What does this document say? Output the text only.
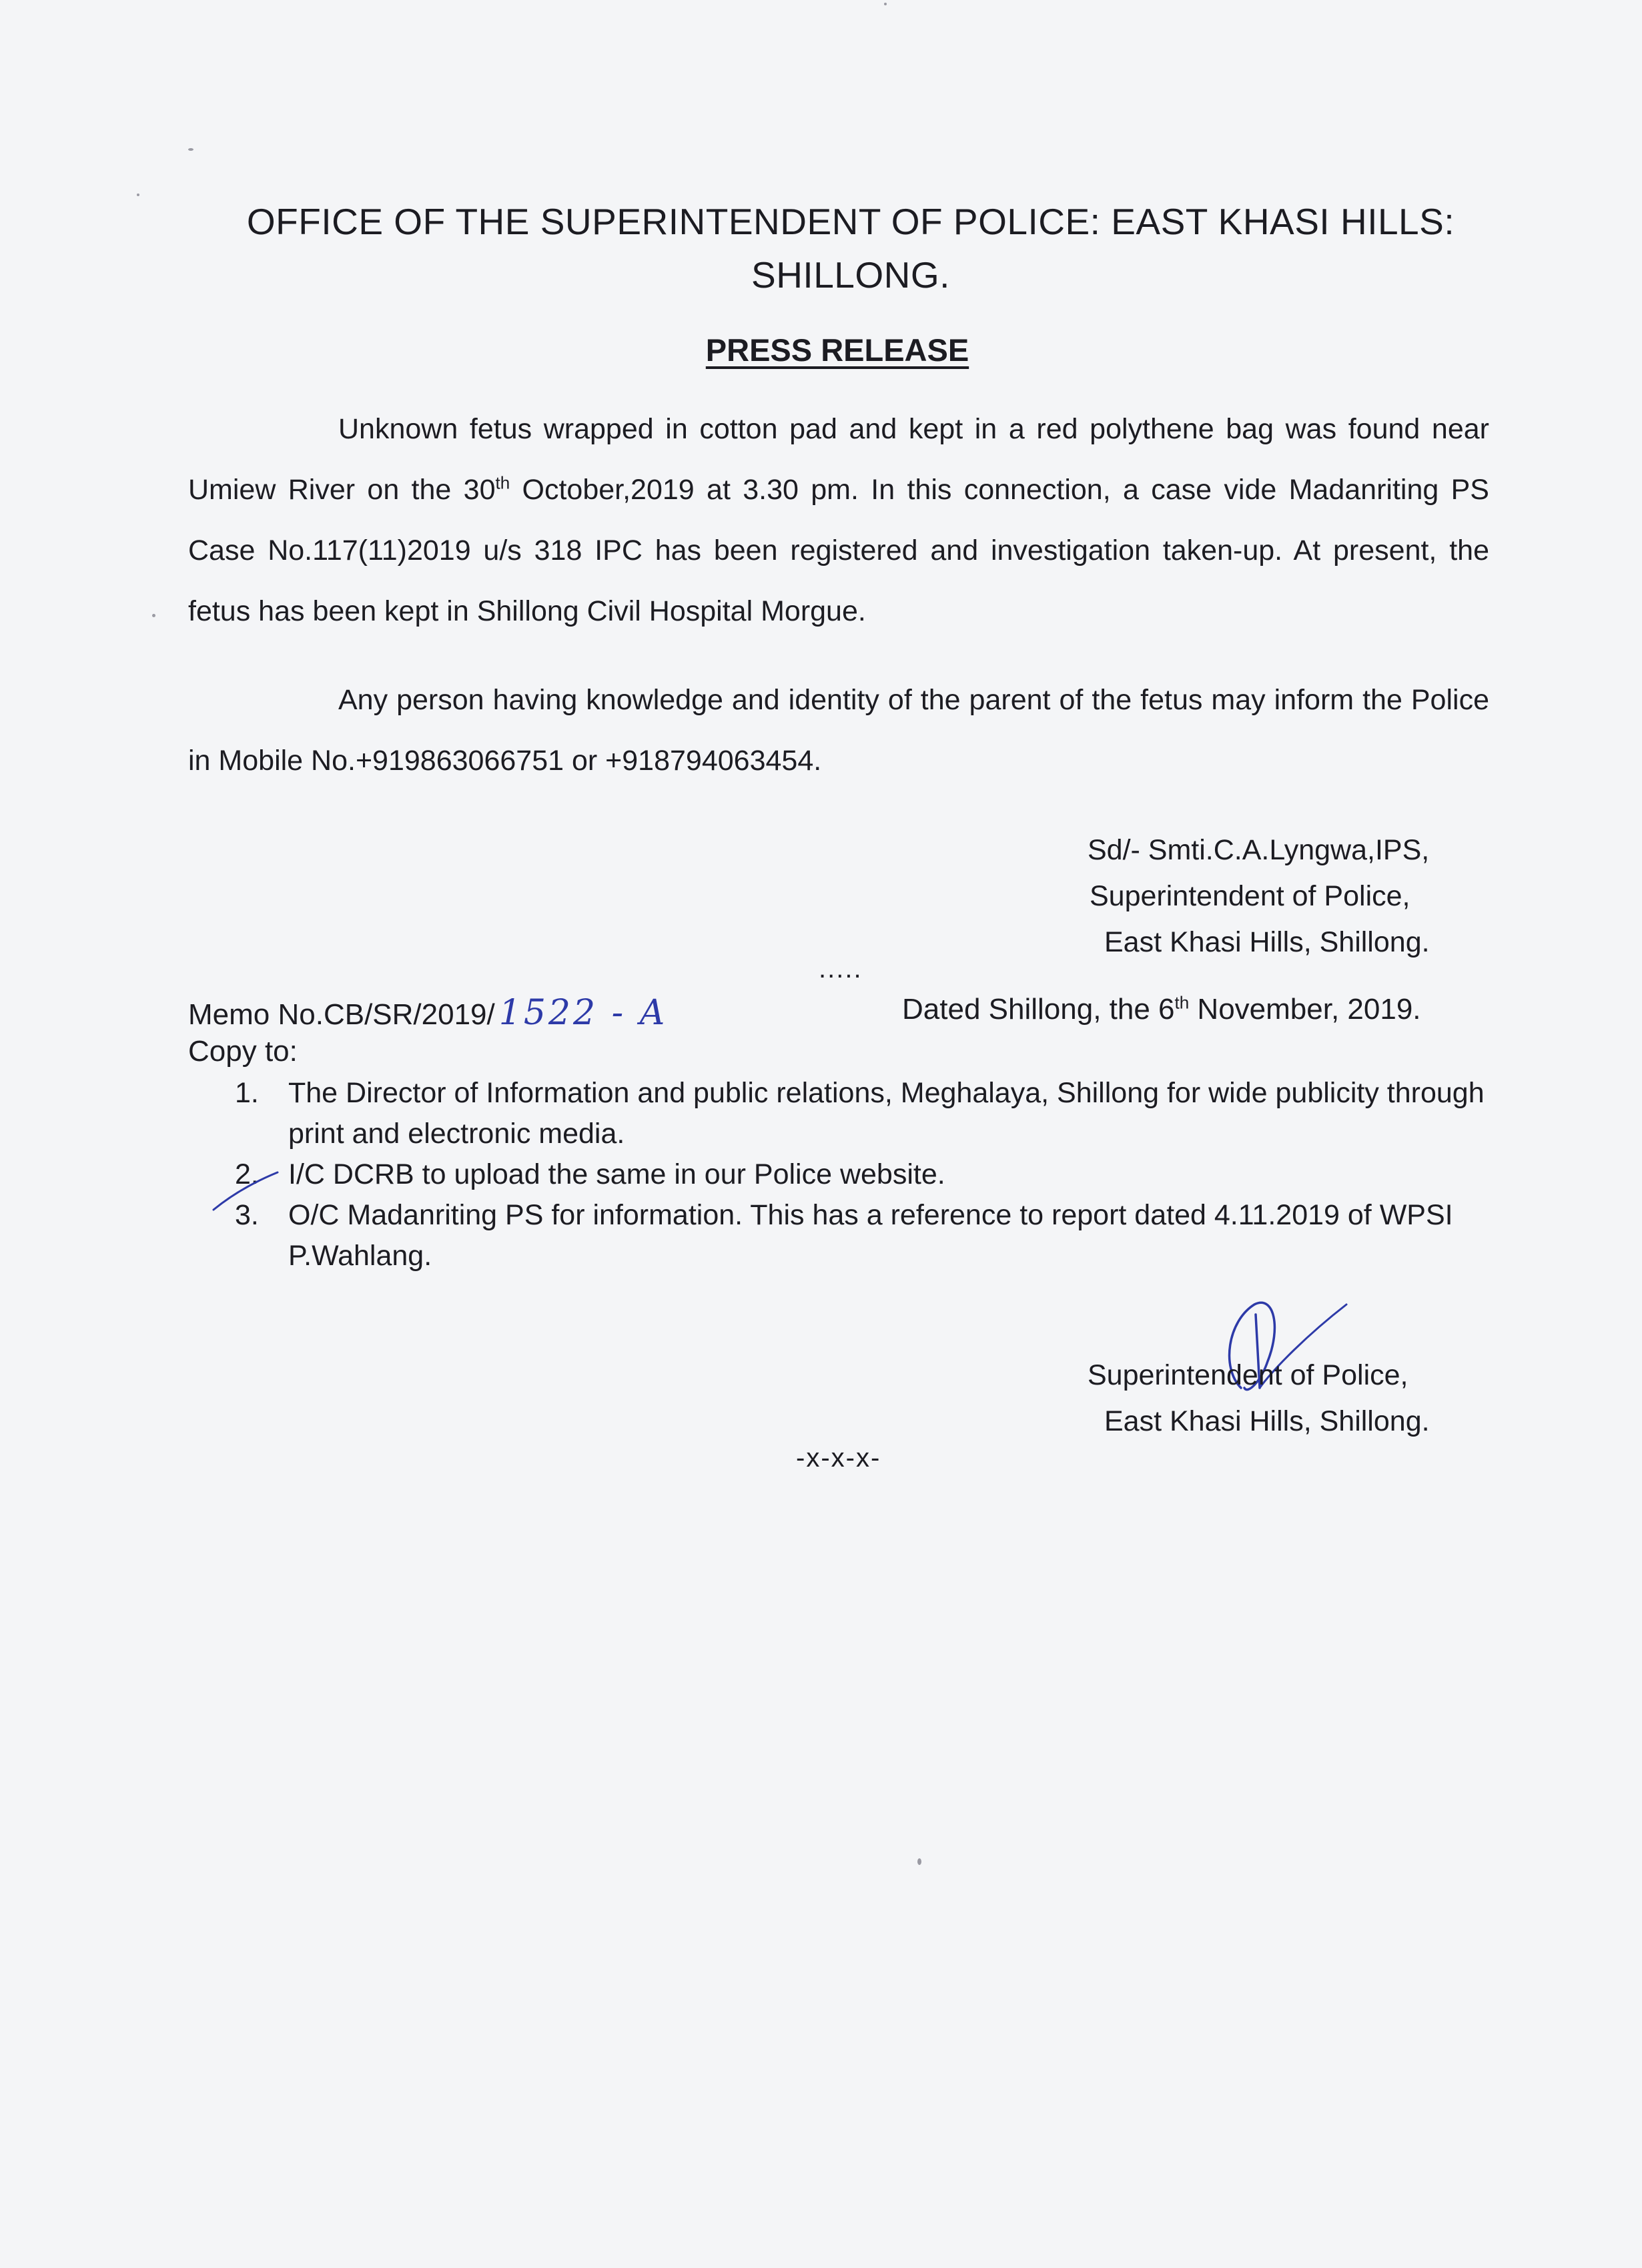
OFFICE OF THE SUPERINTENDENT OF POLICE: EAST KHASI HILLS:
SHILLONG.
PRESS RELEASE
Unknown fetus wrapped in cotton pad and kept in a red polythene bag was found near Umiew River on the 30th October,2019 at 3.30 pm. In this connection, a case vide Madanriting PS Case No.117(11)2019 u/s 318 IPC has been registered and investigation taken-up. At present, the fetus has been kept in Shillong Civil Hospital Morgue.
Any person having knowledge and identity of the parent of the fetus may inform the Police in Mobile No.+919863066751 or +918794063454.
Sd/- Smti.C.A.Lyngwa,IPS,
Superintendent of Police,
East Khasi Hills, Shillong.
.....
Memo No.CB/SR/2019/ 1522 - A	Dated Shillong, the 6th November, 2019.
Copy to:
1.	The Director of Information and public relations, Meghalaya, Shillong for wide publicity through print and electronic media.
2.	I/C DCRB to upload the same in our Police website.
3.	O/C Madanriting PS for information. This has a reference to report dated 4.11.2019 of WPSI P.Wahlang.
Superintendent of Police,
East Khasi Hills, Shillong.
-x-x-x-
